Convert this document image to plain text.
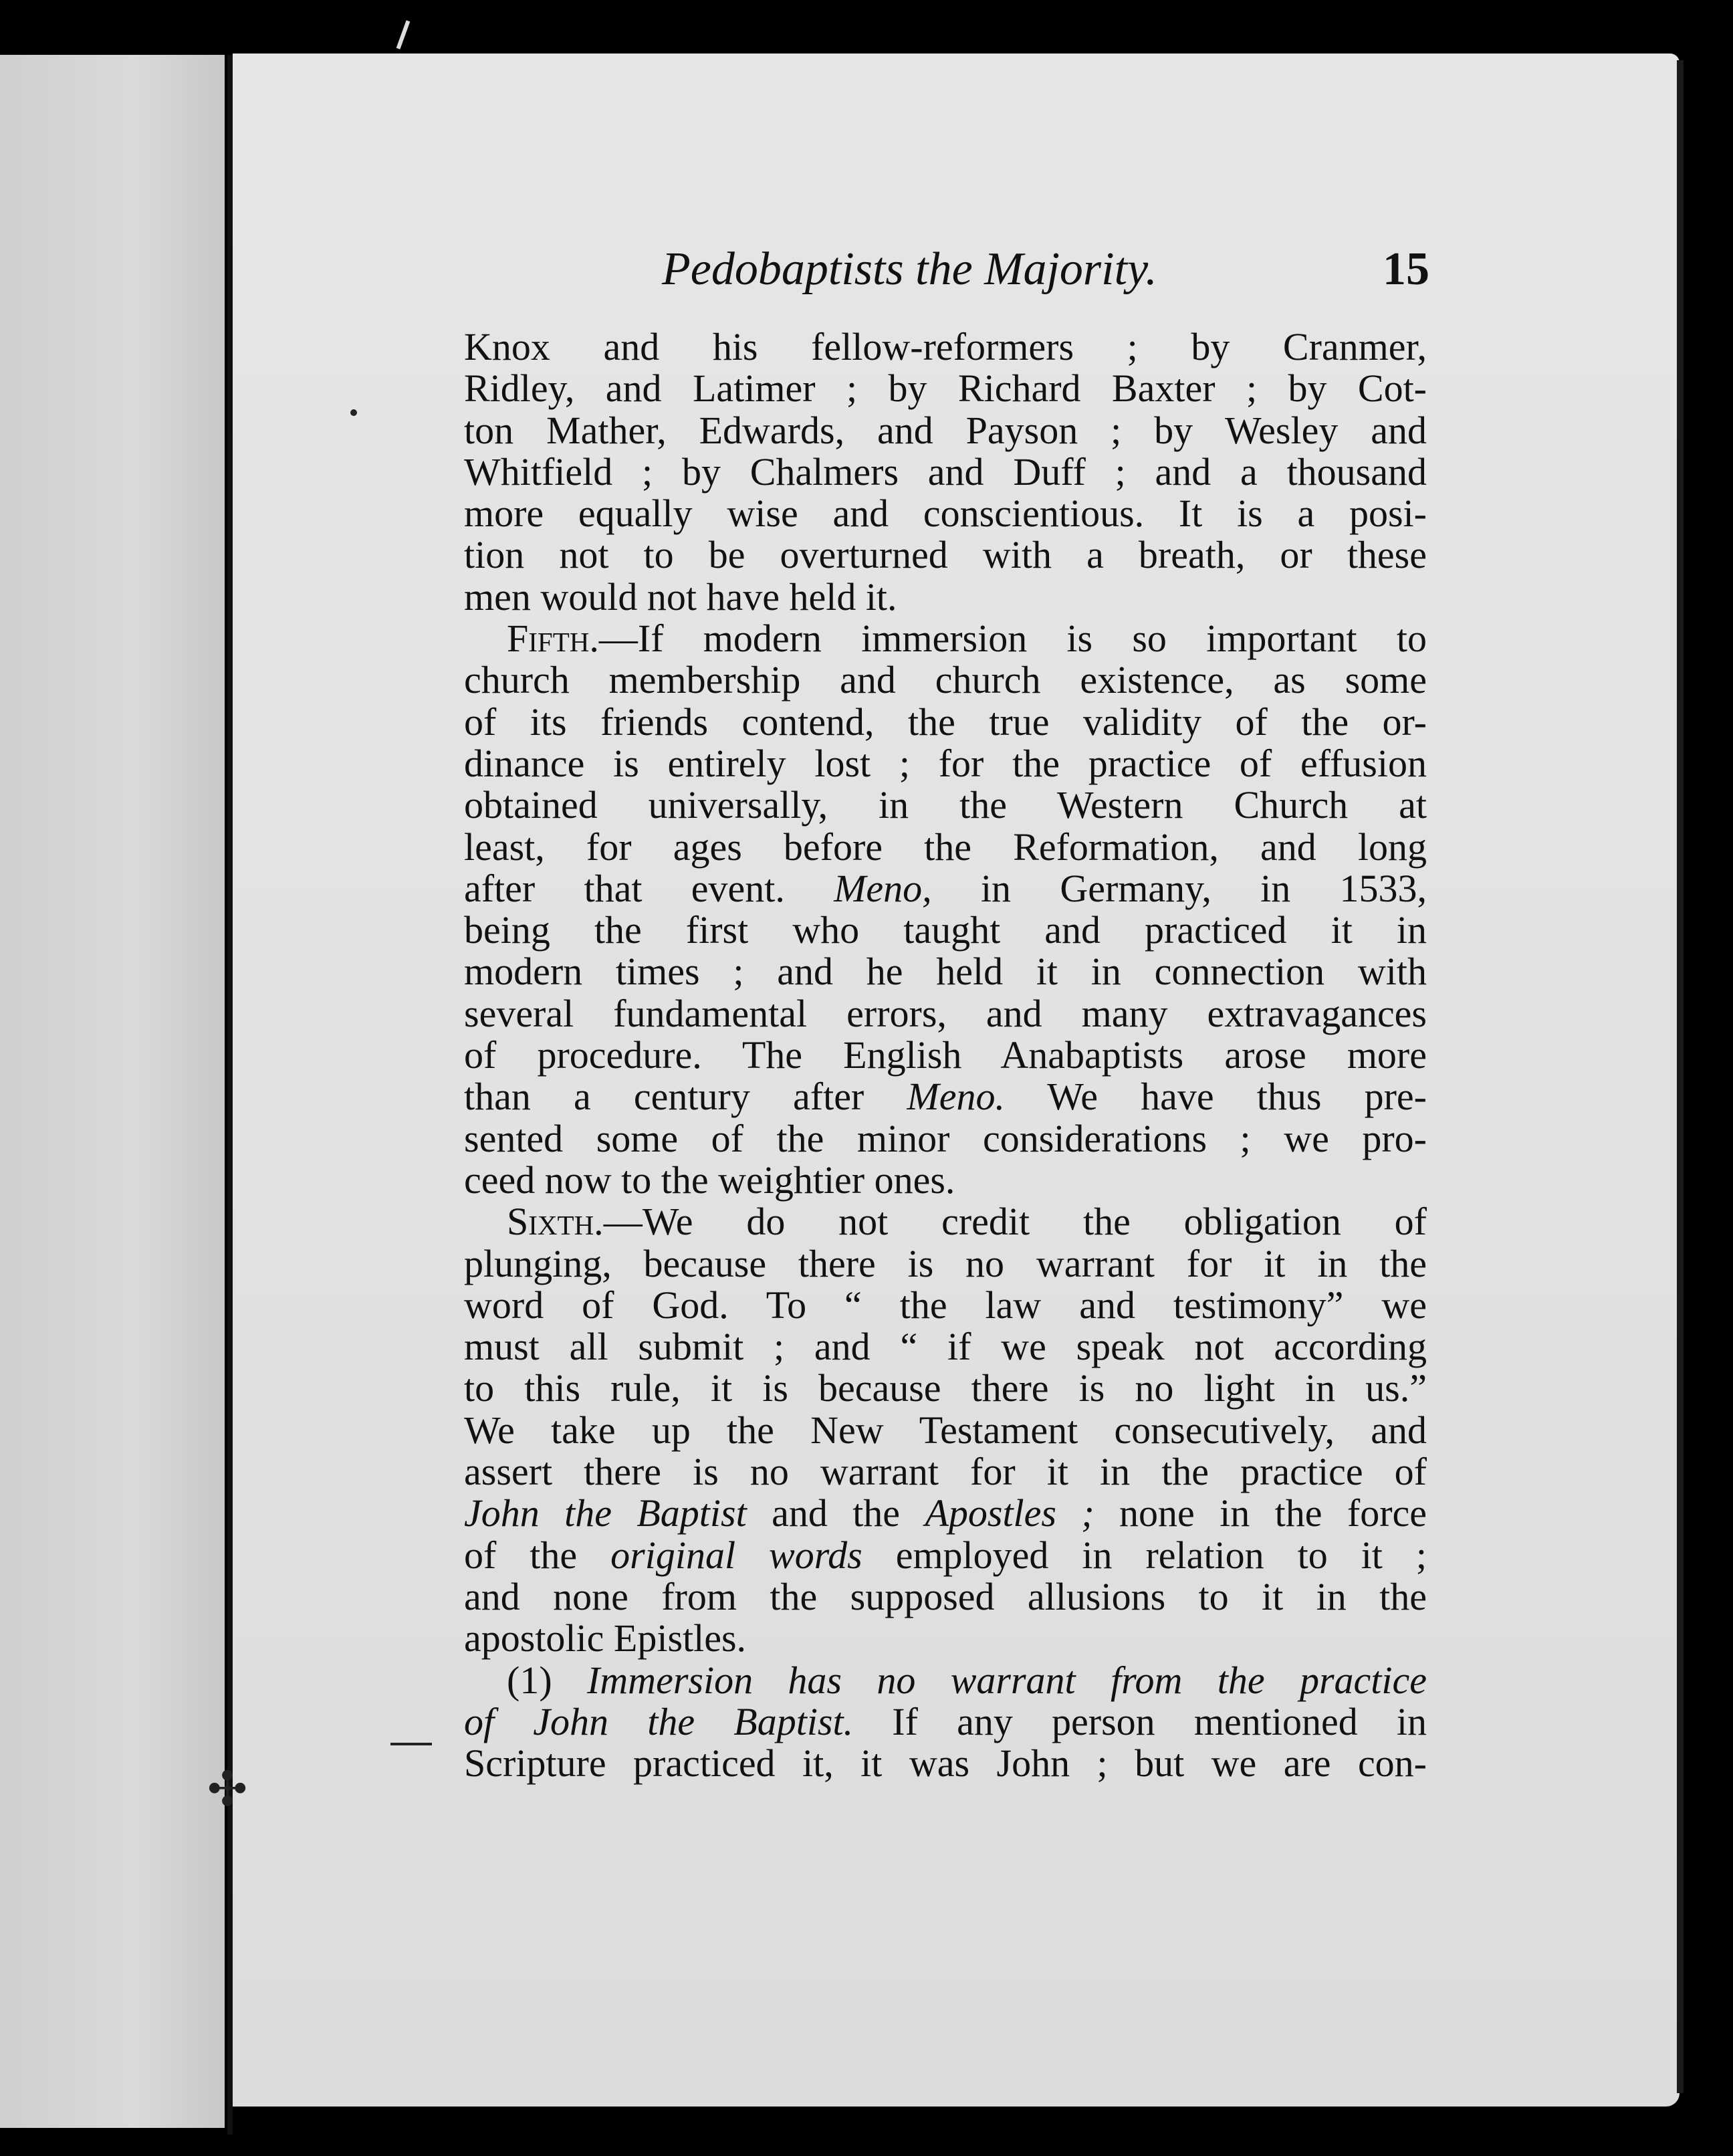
✣
Pedobaptists the Majority.	15
Knox and his fellow-reformers ; by Cranmer,
Ridley, and Latimer ; by Richard Baxter ; by Cot-
ton Mather, Edwards, and Payson ; by Wesley and
Whitfield ; by Chalmers and Duff ; and a thousand
more equally wise and conscientious. It is a posi-
tion not to be overturned with a breath, or these
men would not have held it.
Fifth.—If modern immersion is so important to
church membership and church existence, as some
of its friends contend, the true validity of the or-
dinance is entirely lost ; for the practice of effusion
obtained universally, in the Western Church at
least, for ages before the Reformation, and long
after that event. Meno, in Germany, in 1533,
being the first who taught and practiced it in
modern times ; and he held it in connection with
several fundamental errors, and many extravagances
of procedure. The English Anabaptists arose more
than a century after Meno. We have thus pre-
sented some of the minor considerations ; we pro-
ceed now to the weightier ones.
Sixth.—We do not credit the obligation of
plunging, because there is no warrant for it in the
word of God. To “ the law and testimony” we
must all submit ; and “ if we speak not according
to this rule, it is because there is no light in us.”
We take up the New Testament consecutively, and
assert there is no warrant for it in the practice of
John the Baptist and the Apostles ; none in the force
of the original words employed in relation to it ;
and none from the supposed allusions to it in the
apostolic Epistles.
(1) Immersion has no warrant from the practice
of John the Baptist. If any person mentioned in
Scripture practiced it, it was John ; but we are con-
